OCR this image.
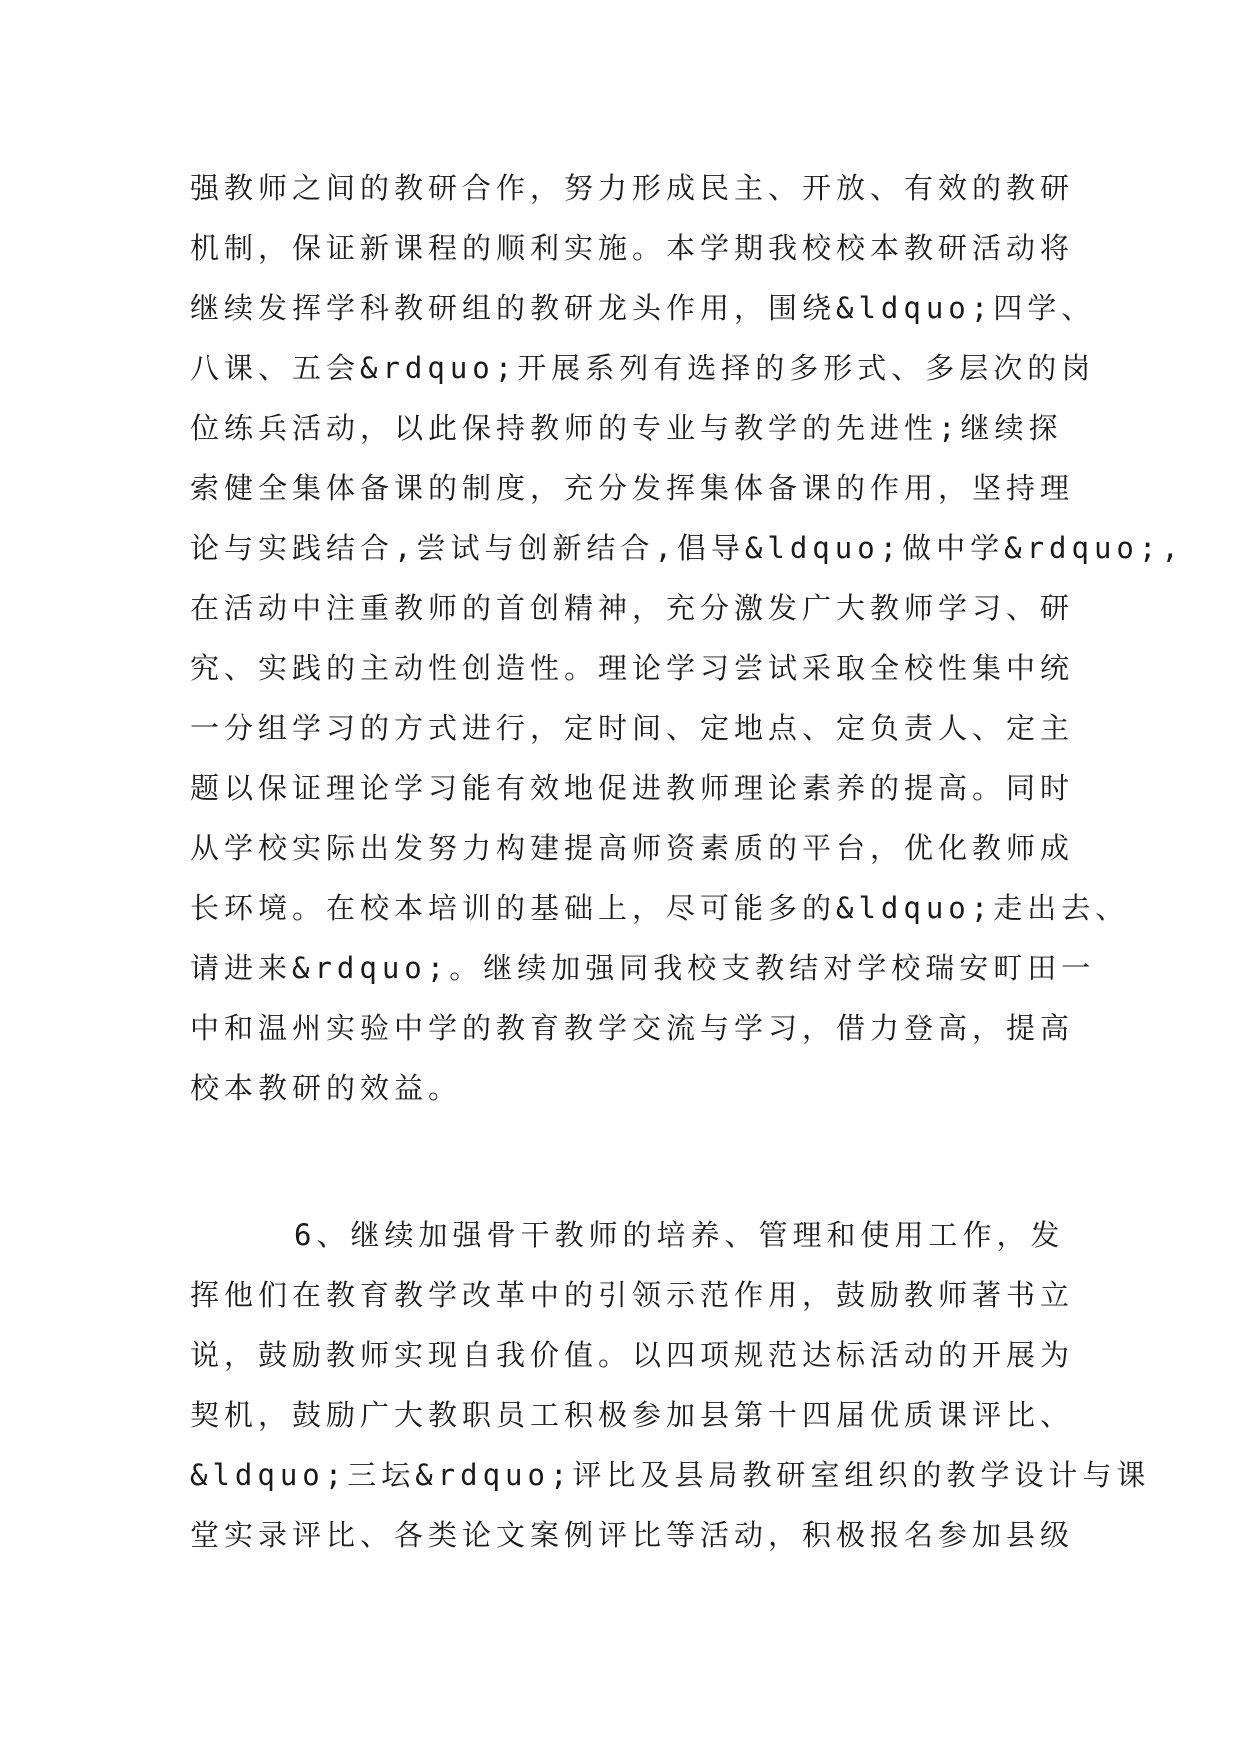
强教师之间的教研合作，努力形成民主、开放、有效的教研
机制，保证新课程的顺利实施。本学期我校校本教研活动将
继续发挥学科教研组的教研龙头作用，围绕&ldquo;四学、
八课、五会&rdquo;开展系列有选择的多形式、多层次的岗
位练兵活动，以此保持教师的专业与教学的先进性;继续探
索健全集体备课的制度，充分发挥集体备课的作用，坚持理
论与实践结合,尝试与创新结合,倡导&ldquo;做中学&rdquo;,
在活动中注重教师的首创精神，充分激发广大教师学习、研
究、实践的主动性创造性。理论学习尝试采取全校性集中统
一分组学习的方式进行，定时间、定地点、定负责人、定主
题以保证理论学习能有效地促进教师理论素养的提高。同时
从学校实际出发努力构建提高师资素质的平台，优化教师成
长环境。在校本培训的基础上，尽可能多的&ldquo;走出去、
请进来&rdquo;。继续加强同我校支教结对学校瑞安町田一
中和温州实验中学的教育教学交流与学习，借力登高，提高
校本教研的效益。
6、继续加强骨干教师的培养、管理和使用工作，发
挥他们在教育教学改革中的引领示范作用，鼓励教师著书立
说，鼓励教师实现自我价值。以四项规范达标活动的开展为
契机，鼓励广大教职员工积极参加县第十四届优质课评比、
&ldquo;三坛&rdquo;评比及县局教研室组织的教学设计与课
堂实录评比、各类论文案例评比等活动，积极报名参加县级
